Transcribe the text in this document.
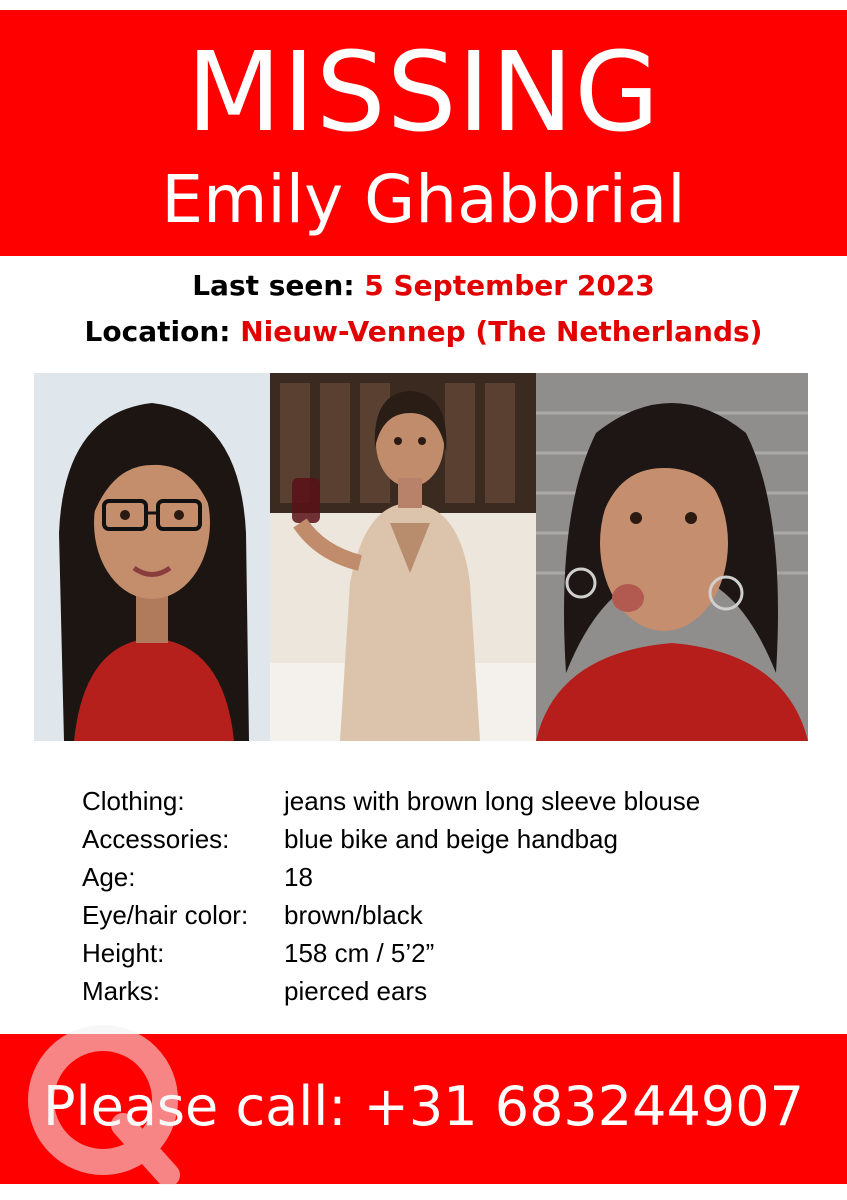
MISSING
Emily Ghabbrial
Last seen: 5 September 2023
Location: Nieuw-Vennep (The Netherlands)
Clothing:	jeans with brown long sleeve blouse
Accessories: blue bike and beige handbag
Age:	18
Eye/hair color: brown/black
Height:	158 cm / 5’2”
Marks:	pierced ears
Please call: +31 683244907
